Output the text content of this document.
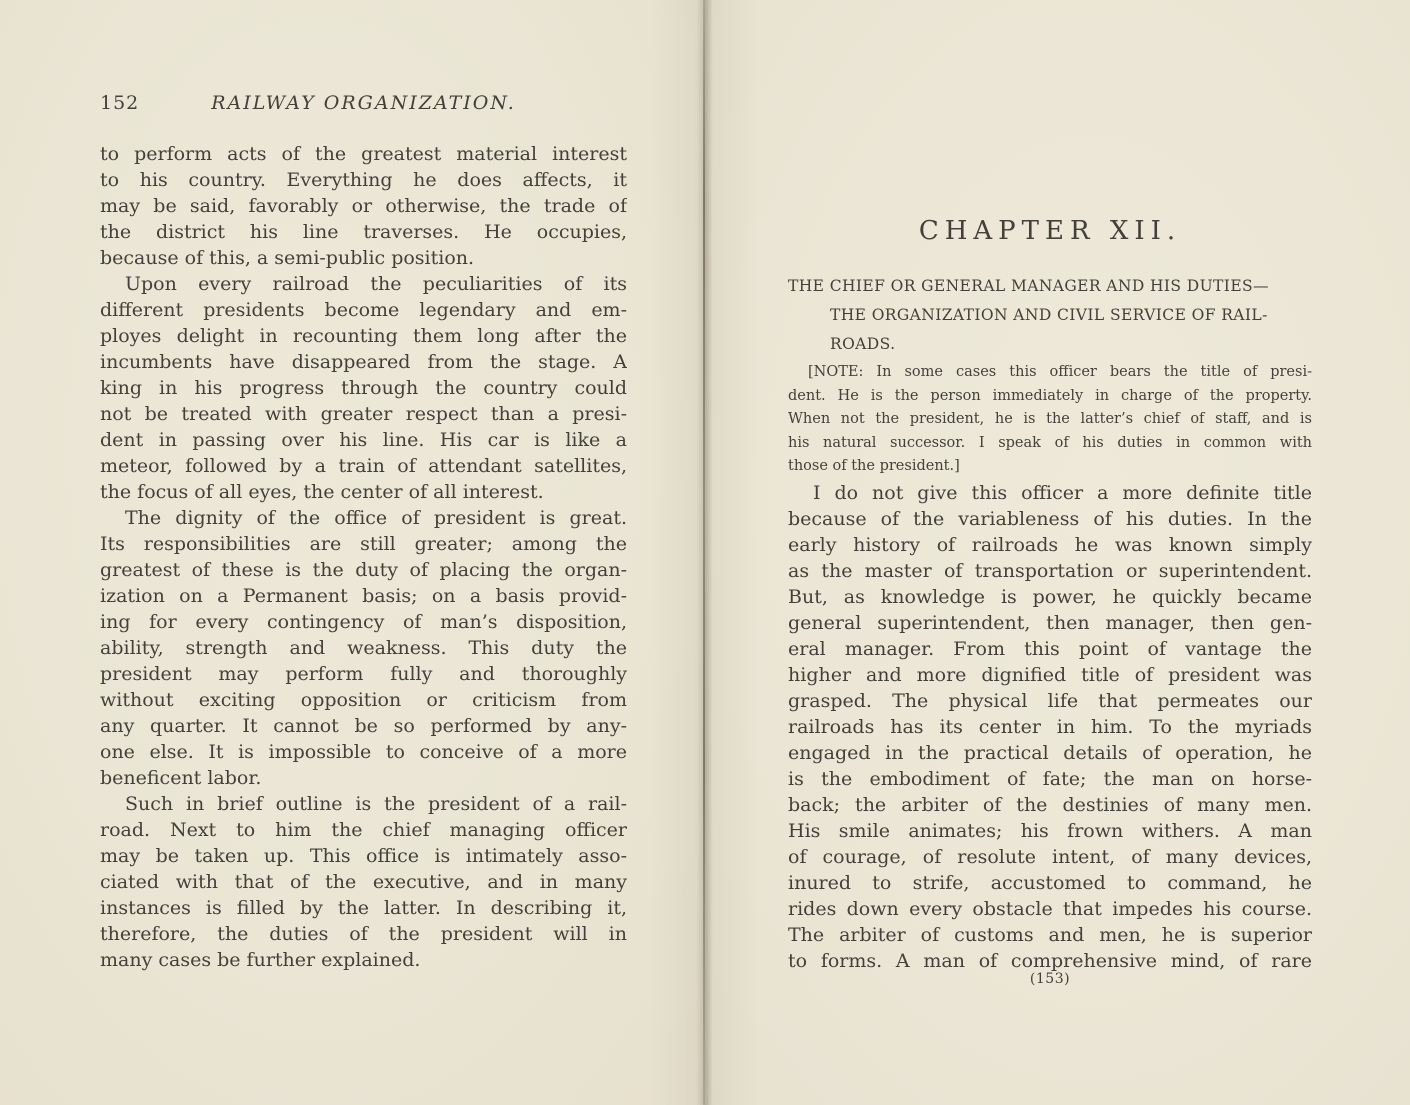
RAILWAY ORGANIZATION.
152
to perform acts of the greatest material interest
to his country. Everything he does affects, it
may be said, favorably or otherwise, the trade of
the district his line traverses. He occupies,
because of this, a semi-public position.
Upon every railroad the peculiarities of its
different presidents become legendary and em-
ployes delight in recounting them long after the
incumbents have disappeared from the stage. A
king in his progress through the country could
not be treated with greater respect than a presi-
dent in passing over his line. His car is like a
meteor, followed by a train of attendant satellites,
the focus of all eyes, the center of all interest.
The dignity of the office of president is great.
Its responsibilities are still greater; among the
greatest of these is the duty of placing the organ-
ization on a Permanent basis; on a basis provid-
ing for every contingency of man’s disposition,
ability, strength and weakness. This duty the
president may perform fully and thoroughly
without exciting opposition or criticism from
any quarter. It cannot be so performed by any-
one else. It is impossible to conceive of a more
beneficent labor.
Such in brief outline is the president of a rail-
road. Next to him the chief managing officer
may be taken up. This office is intimately asso-
ciated with that of the executive, and in many
instances is filled by the latter. In describing it,
therefore, the duties of the president will in
many cases be further explained.
CHAPTER XII.
THE CHIEF OR GENERAL MANAGER AND HIS DUTIES—
THE ORGANIZATION AND CIVIL SERVICE OF RAIL-
ROADS.
[NOTE: In some cases this officer bears the title of presi-
dent. He is the person immediately in charge of the property.
When not the president, he is the latter’s chief of staff, and is
his natural successor. I speak of his duties in common with
those of the president.]
I do not give this officer a more definite title
because of the variableness of his duties. In the
early history of railroads he was known simply
as the master of transportation or superintendent.
But, as knowledge is power, he quickly became
general superintendent, then manager, then gen-
eral manager. From this point of vantage the
higher and more dignified title of president was
grasped. The physical life that permeates our
railroads has its center in him. To the myriads
engaged in the practical details of operation, he
is the embodiment of fate; the man on horse-
back; the arbiter of the destinies of many men.
His smile animates; his frown withers. A man
of courage, of resolute intent, of many devices,
inured to strife, accustomed to command, he
rides down every obstacle that impedes his course.
The arbiter of customs and men, he is superior
to forms. A man of comprehensive mind, of rare
(153)
